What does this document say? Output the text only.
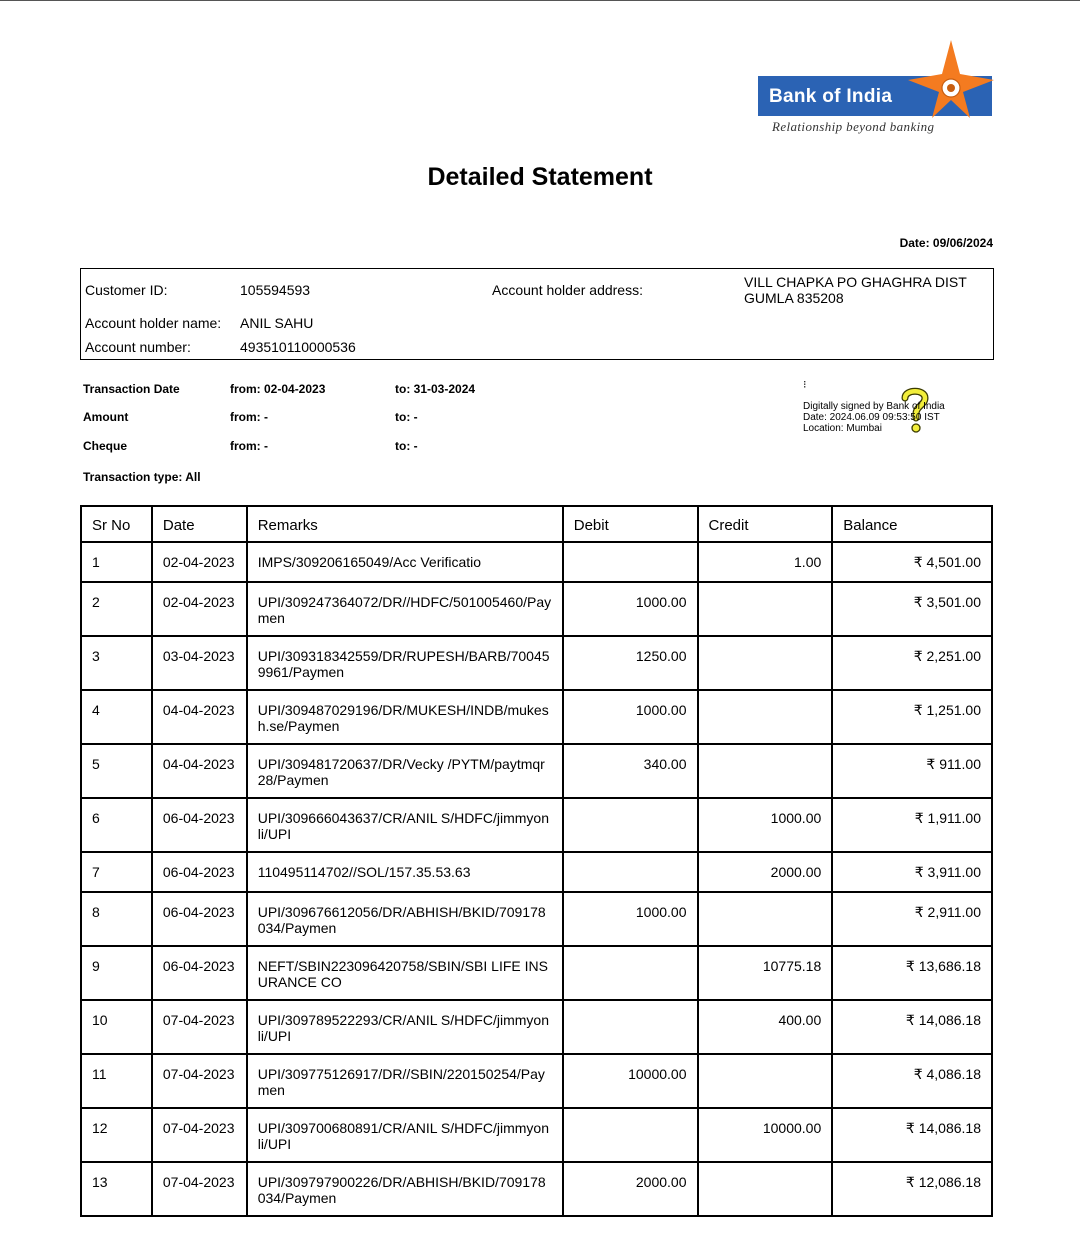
Bank of India
Relationship beyond banking
Detailed Statement
Date: 09/06/2024
Customer ID:	105594593	Account holder address:	VILL CHAPKA PO GHAGHRA DIST GUMLA 835208
Account holder name: ANIL SAHU
Account number:	493510110000536
Transaction Date	from: 02-04-2023	to: 31-03-2024
Amount	from: -	to: -
Cheque	from: -	to: -
Transaction type: All
⁝
Digitally signed by Bank of India
Date: 2024.06.09 09:53:50 IST
Location: Mumbai
Sr No	Date	Remarks	Debit	Credit	Balance
1	02-04-2023	IMPS/309206165049/Acc Verificatio		1.00	₹ 4,501.00
2	02-04-2023	UPI/309247364072/DR//HDFC/501005460/Paymen	1000.00		₹ 3,501.00
3	03-04-2023	UPI/309318342559/DR/RUPESH/BARB/700459961/Paymen	1250.00		₹ 2,251.00
4	04-04-2023	UPI/309487029196/DR/MUKESH/INDB/mukesh.se/Paymen	1000.00		₹ 1,251.00
5	04-04-2023	UPI/309481720637/DR/Vecky /PYTM/paytmqr28/Paymen	340.00		₹ 911.00
6	06-04-2023	UPI/309666043637/CR/ANIL S/HDFC/jimmyonli/UPI		1000.00	₹ 1,911.00
7	06-04-2023	110495114702//SOL/157.35.53.63		2000.00	₹ 3,911.00
8	06-04-2023	UPI/309676612056/DR/ABHISH/BKID/709178034/Paymen	1000.00		₹ 2,911.00
9	06-04-2023	NEFT/SBIN223096420758/SBIN/SBI LIFE INSURANCE CO		10775.18	₹ 13,686.18
10	07-04-2023	UPI/309789522293/CR/ANIL S/HDFC/jimmyonli/UPI		400.00	₹ 14,086.18
11	07-04-2023	UPI/309775126917/DR//SBIN/220150254/Paymen	10000.00		₹ 4,086.18
12	07-04-2023	UPI/309700680891/CR/ANIL S/HDFC/jimmyonli/UPI		10000.00	₹ 14,086.18
13	07-04-2023	UPI/309797900226/DR/ABHISH/BKID/709178034/Paymen	2000.00		₹ 12,086.18
